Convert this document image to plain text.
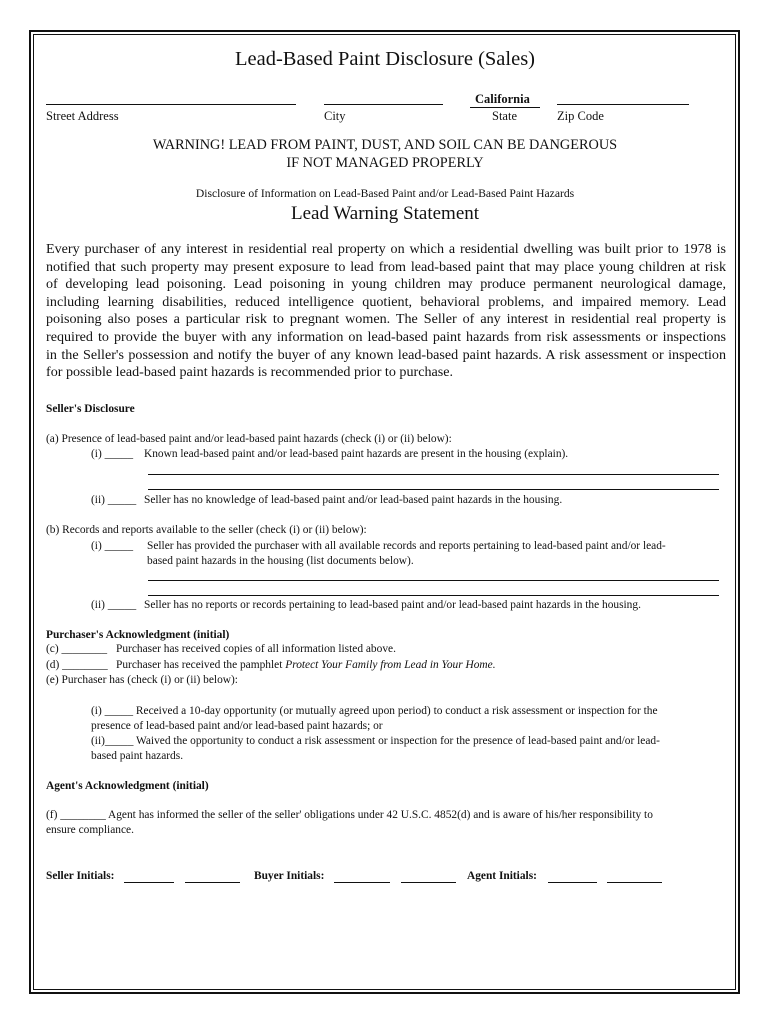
Lead-Based Paint Disclosure (Sales)
Street Address	City
California
State	Zip Code
WARNING! LEAD FROM PAINT, DUST, AND SOIL CAN BE DANGEROUS
IF NOT MANAGED PROPERLY
Disclosure of Information on Lead-Based Paint and/or Lead-Based Paint Hazards
Lead Warning Statement
Every purchaser of any interest in residential real property on which a residential dwelling was built prior to 1978 is
notified that such property may present exposure to lead from lead-based paint that may place young children at risk
of developing lead poisoning. Lead poisoning in young children may produce permanent neurological damage,
including learning disabilities, reduced intelligence quotient, behavioral problems, and impaired memory. Lead
poisoning also poses a particular risk to pregnant women. The Seller of any interest in residential real property is
required to provide the buyer with any information on lead-based paint hazards from risk assessments or inspections
in the Seller's possession and notify the buyer of any known lead-based paint hazards. A risk assessment or inspection
for possible lead-based paint hazards is recommended prior to purchase.
Seller's Disclosure
(a) Presence of lead-based paint and/or lead-based paint hazards (check (i) or (ii) below):
(i) _____ Known lead-based paint and/or lead-based paint hazards are present in the housing (explain).
(ii) _____ Seller has no knowledge of lead-based paint and/or lead-based paint hazards in the housing.
(b) Records and reports available to the seller (check (i) or (ii) below):
(i) _____ Seller has provided the purchaser with all available records and reports pertaining to lead-based paint and/or lead-
based paint hazards in the housing (list documents below).
(ii) _____ Seller has no reports or records pertaining to lead-based paint and/or lead-based paint hazards in the housing.
Purchaser's Acknowledgment (initial)
(c) ________ Purchaser has received copies of all information listed above.
(d) ________ Purchaser has received the pamphlet Protect Your Family from Lead in Your Home.
(e) Purchaser has (check (i) or (ii) below):
(i) _____ Received a 10-day opportunity (or mutually agreed upon period) to conduct a risk assessment or inspection for the
presence of lead-based paint and/or lead-based paint hazards; or
(ii)_____ Waived the opportunity to conduct a risk assessment or inspection for the presence of lead-based paint and/or lead-
based paint hazards.
Agent's Acknowledgment (initial)
(f) ________ Agent has informed the seller of the seller' obligations under 42 U.S.C. 4852(d) and is aware of his/her responsibility to
ensure compliance.
Seller Initials:	Buyer Initials:	Agent Initials:
